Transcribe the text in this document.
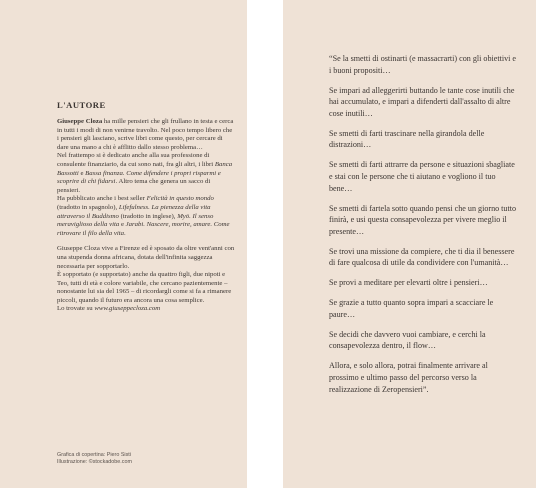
L'AUTORE

Giuseppe Cloza ha mille pensieri che gli frullano in testa e cerca in tutti i modi di non venirne travolto. Nel poco tempo libero che i pensieri gli lasciano, scrive libri come questo, per cercare di dare una mano a chi è afflitto dallo stesso problema…

Nel frattempo si è dedicato anche alla sua professione di consulente finanziario, da cui sono nati, fra gli altri, i libri Banca Bassotti e Bassa finanza. Come difendere i propri risparmi e scoprire di chi fidarsi. Altro tema che genera un sacco di pensieri.

Ha pubblicato anche i best seller Felicità in questo mondo (tradotto in spagnolo), Lifefulness. La pienezza della vita attraverso il Buddismo (tradotto in inglese), Myō. Il senso meraviglioso della vita e Jarabi. Nascere, morire, amare. Come ritrovare il filo della vita.

Giuseppe Cloza vive a Firenze ed è sposato da oltre vent'anni con una stupenda donna africana, dotata dell'infinita saggezza necessaria per sopportarlo.

È sopportato (e supportato) anche da quattro figli, due nipoti e Teo, tutti di età e colore variabile, che cercano pazientemente – nonostante lui sia del 1965 – di ricordargli come si fa a rimanere piccoli, quando il futuro era ancora una cosa semplice.

Lo trovate su www.giuseppecloza.com

Grafica di copertina: Piero Sisti
Illustrazione: ©stockadobe.com

“Se la smetti di ostinarti (e massacrarti) con gli obiettivi e i buoni propositi…

Se impari ad alleggerirti buttando le tante cose inutili che hai accumulato, e impari a difenderti dall'assalto di altre cose inutili…

Se smetti di farti trascinare nella girandola delle distrazioni…

Se smetti di farti attrarre da persone e situazioni sbagliate e stai con le persone che ti aiutano e vogliono il tuo bene…

Se smetti di fartela sotto quando pensi che un giorno tutto finirà, e usi questa consapevolezza per vivere meglio il presente…

Se trovi una missione da compiere, che ti dia il benessere di fare qualcosa di utile da condividere con l'umanità…

Se provi a meditare per elevarti oltre i pensieri…

Se grazie a tutto quanto sopra impari a scacciare le paure…

Se decidi che davvero vuoi cambiare, e cerchi la consapevolezza dentro, il flow…

Allora, e solo allora, potrai finalmente arrivare al prossimo e ultimo passo del percorso verso la realizzazione di Zeropensieri”.
